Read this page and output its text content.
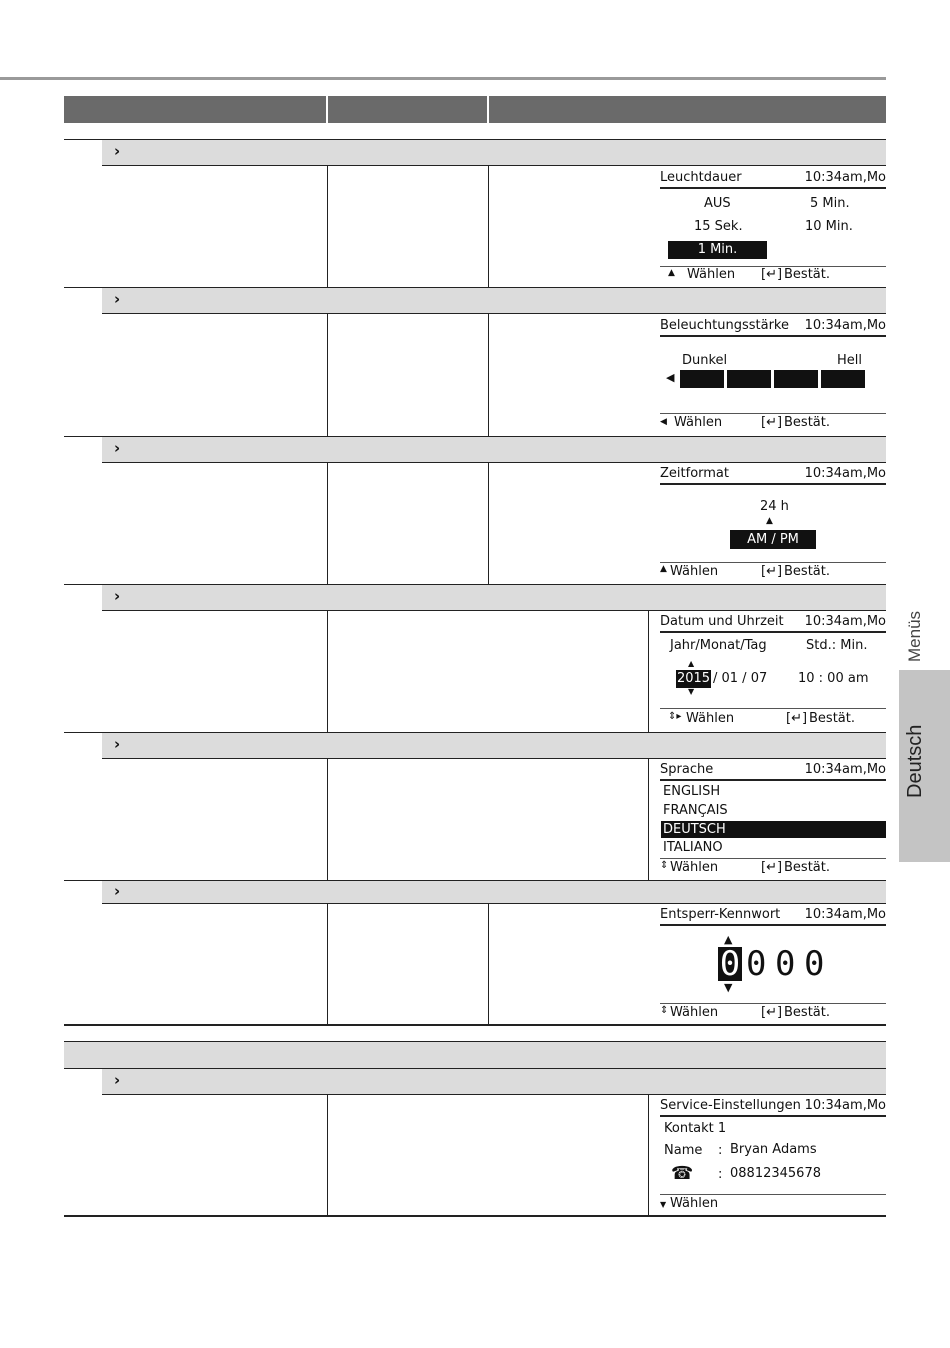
Menüs
Deutsch
›
Leuchtdauer	10:34am,Mo
AUS	5 Min.
15 Sek.	10 Min.
1 Min.
▲ Wählen [↵] Bestät.
›
Beleuchtungsstärke 10:34am,Mo
Dunkel	Hell
◀
◀ Wählen	[↵] Bestät.
›
Zeitformat	10:34am,Mo
24 h
▲
AM / PM
▲ Wählen	[↵] Bestät.
›
Datum und Uhrzeit 10:34am,Mo
Jahr/Monat/Tag	Std.: Min.
▲
2015 / 01 / 07 10 : 00 am
▼
⇕▸ Wählen	[↵] Bestät.
›
Sprache	10:34am,Mo
ENGLISH
FRANÇAIS
DEUTSCH
ITALIANO
⇕ Wählen	[↵] Bestät.
›
Entsperr-Kennwort 10:34am,Mo
▲
0 0 0 0
▼
⇕ Wählen	[↵] Bestät.
›
Service-Einstellungen 10:34am,Mo
Kontakt 1
Name : Bryan Adams
☎ : 08812345678
▼ Wählen
